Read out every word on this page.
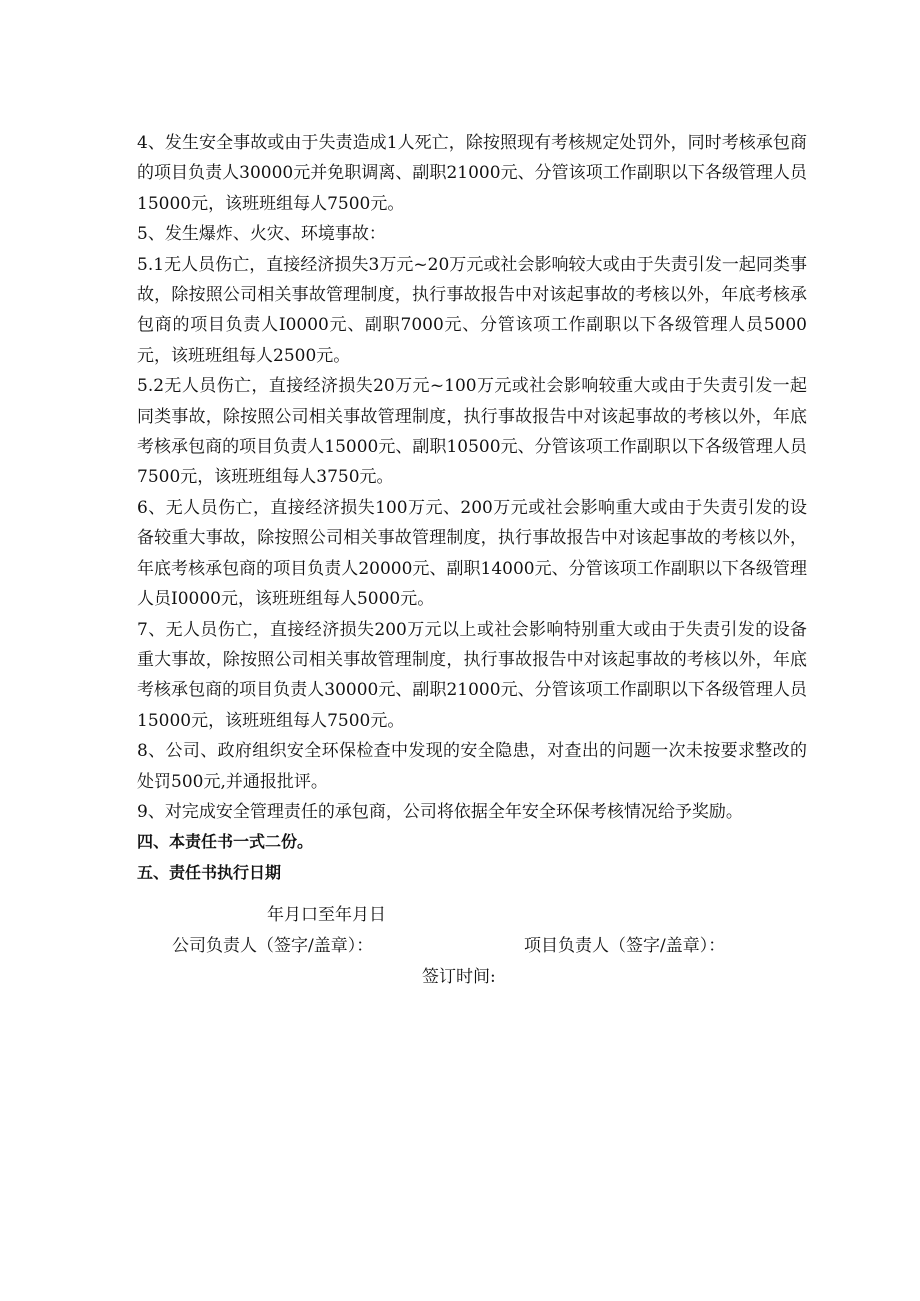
4、发生安全事故或由于失责造成1人死亡，除按照现有考核规定处罚外，同时考核承包商的项目负责人30000元并免职调离、副职21000元、分管该项工作副职以下各级管理人员15000元，该班班组每人7500元。

5、发生爆炸、火灾、环境事故：

5.1无人员伤亡，直接经济损失3万元~20万元或社会影响较大或由于失责引发一起同类事故，除按照公司相关事故管理制度，执行事故报告中对该起事故的考核以外，年底考核承包商的项目负责人I0000元、副职7000元、分管该项工作副职以下各级管理人员5000元，该班班组每人2500元。

5.2无人员伤亡，直接经济损失20万元~100万元或社会影响较重大或由于失责引发一起同类事故，除按照公司相关事故管理制度，执行事故报告中对该起事故的考核以外，年底考核承包商的项目负责人15000元、副职10500元、分管该项工作副职以下各级管理人员7500元，该班班组每人3750元。

6、无人员伤亡，直接经济损失100万元、200万元或社会影响重大或由于失责引发的设备较重大事故，除按照公司相关事故管理制度，执行事故报告中对该起事故的考核以外，年底考核承包商的项目负责人20000元、副职14000元、分管该项工作副职以下各级管理人员I0000元，该班班组每人5000元。

7、无人员伤亡，直接经济损失200万元以上或社会影响特别重大或由于失责引发的设备重大事故，除按照公司相关事故管理制度，执行事故报告中对该起事故的考核以外，年底考核承包商的项目负责人30000元、副职21000元、分管该项工作副职以下各级管理人员15000元，该班班组每人7500元。

8、公司、政府组织安全环保检查中发现的安全隐患，对查出的问题一次未按要求整改的处罚500元,并通报批评。

9、对完成安全管理责任的承包商，公司将依据全年安全环保考核情况给予奖励。

四、本责任书一式二份。

五、责任书执行日期

年月口至年月日

公司负责人（签字/盖章）：	项目负责人（签字/盖章）：

签订时间:
